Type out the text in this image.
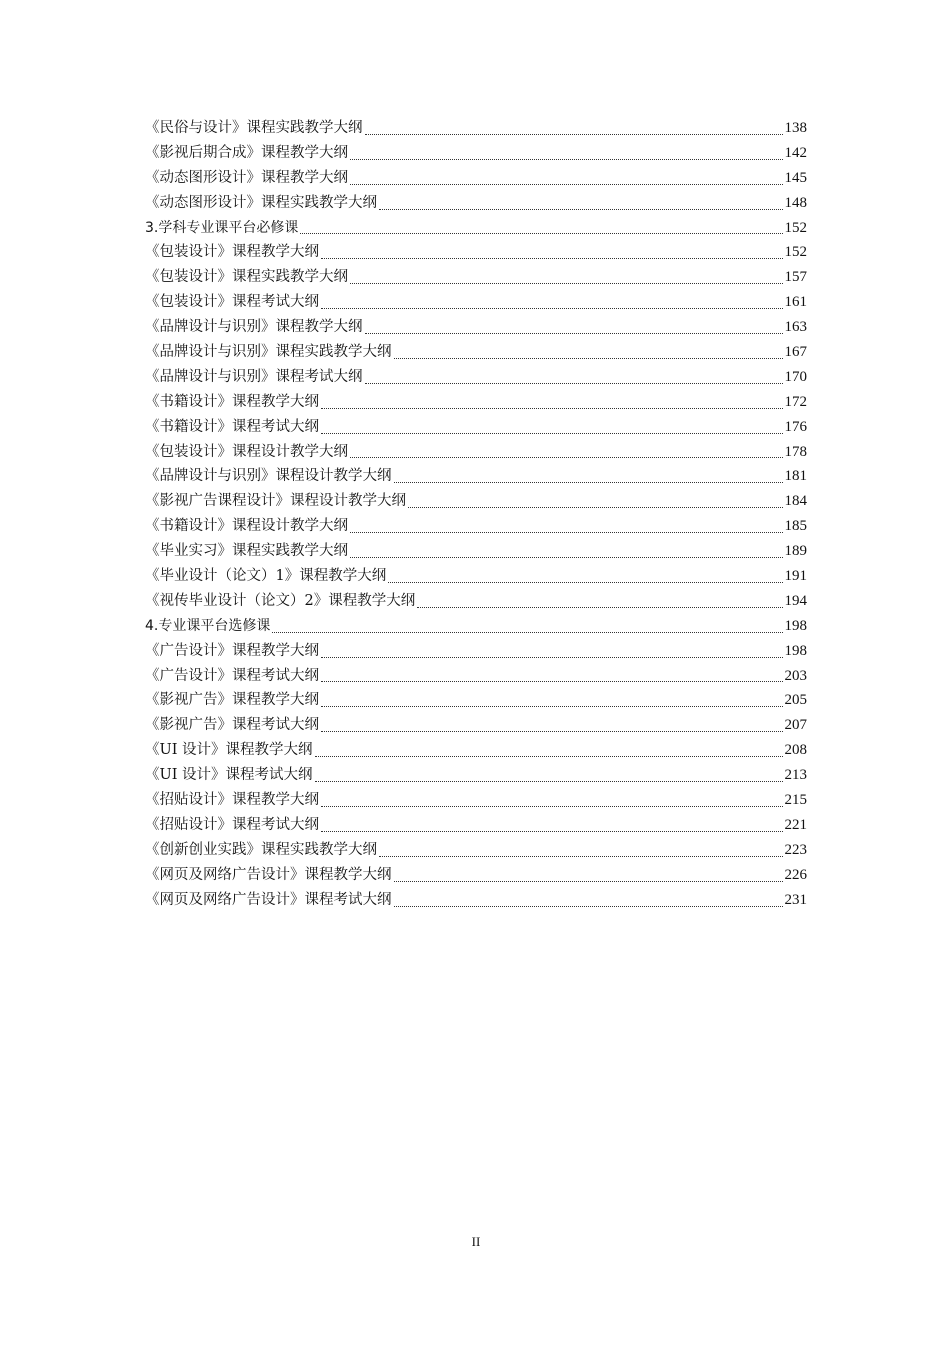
《民俗与设计》课程实践教学大纲	138
《影视后期合成》课程教学大纲	142
《动态图形设计》课程教学大纲	145
《动态图形设计》课程实践教学大纲	148
3.学科专业课平台必修课	152
《包装设计》课程教学大纲	152
《包装设计》课程实践教学大纲	157
《包装设计》课程考试大纲	161
《品牌设计与识别》课程教学大纲	163
《品牌设计与识别》课程实践教学大纲	167
《品牌设计与识别》课程考试大纲	170
《书籍设计》课程教学大纲	172
《书籍设计》课程考试大纲	176
《包装设计》课程设计教学大纲	178
《品牌设计与识别》课程设计教学大纲	181
《影视广告课程设计》课程设计教学大纲	184
《书籍设计》课程设计教学大纲	185
《毕业实习》课程实践教学大纲	189
《毕业设计（论文）1》课程教学大纲	191
《视传毕业设计（论文）2》课程教学大纲	194
4.专业课平台选修课	198
《广告设计》课程教学大纲	198
《广告设计》课程考试大纲	203
《影视广告》课程教学大纲	205
《影视广告》课程考试大纲	207
《UI 设计》课程教学大纲	208
《UI 设计》课程考试大纲	213
《招贴设计》课程教学大纲	215
《招贴设计》课程考试大纲	221
《创新创业实践》课程实践教学大纲	223
《网页及网络广告设计》课程教学大纲	226
《网页及网络广告设计》课程考试大纲	231
II
